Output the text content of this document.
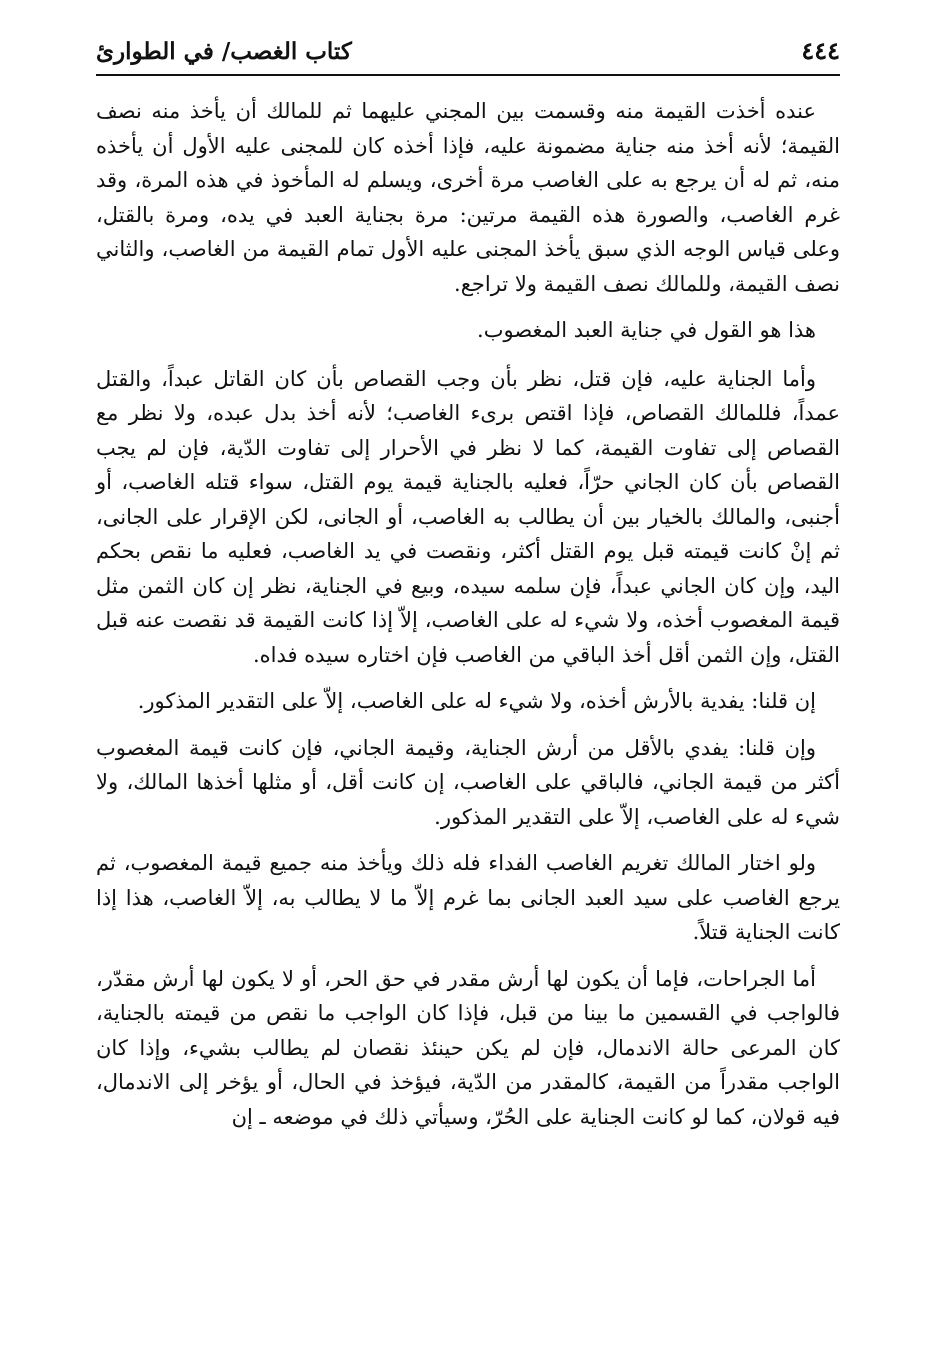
٤٤٤
كتاب الغصب/ في الطوارئ

عنده أخذت القيمة منه وقسمت بين المجني عليهما ثم للمالك أن يأخذ منه نصف القيمة؛ لأنه أخذ منه جناية مضمونة عليه، فإذا أخذه كان للمجنى عليه الأول أن يأخذه منه، ثم له أن يرجع به على الغاصب مرة أخرى، ويسلم له المأخوذ في هذه المرة، وقد غرم الغاصب، والصورة هذه القيمة مرتين: مرة بجناية العبد في يده، ومرة بالقتل، وعلى قياس الوجه الذي سبق يأخذ المجنى عليه الأول تمام القيمة من الغاصب، والثاني نصف القيمة، وللمالك نصف القيمة ولا تراجع.

هذا هو القول في جناية العبد المغصوب.

وأما الجناية عليه، فإن قتل، نظر بأن وجب القصاص بأن كان القاتل عبداً، والقتل عمداً، فللمالك القصاص، فإذا اقتص برىء الغاصب؛ لأنه أخذ بدل عبده، ولا نظر مع القصاص إلى تفاوت القيمة، كما لا نظر في الأحرار إلى تفاوت الدّية، فإن لم يجب القصاص بأن كان الجاني حرّاً، فعليه بالجناية قيمة يوم القتل، سواء قتله الغاصب، أو أجنبى، والمالك بالخيار بين أن يطالب به الغاصب، أو الجانى، لكن الإقرار على الجانى، ثم إنْ كانت قيمته قبل يوم القتل أكثر، ونقصت في يد الغاصب، فعليه ما نقص بحكم اليد، وإن كان الجاني عبداً، فإن سلمه سيده، وبيع في الجناية، نظر إن كان الثمن مثل قيمة المغصوب أخذه، ولا شيء له على الغاصب، إلاّ إذا كانت القيمة قد نقصت عنه قبل القتل، وإن الثمن أقل أخذ الباقي من الغاصب فإن اختاره سيده فداه.

إن قلنا: يفدية بالأرش أخذه، ولا شيء له على الغاصب، إلاّ على التقدير المذكور.

وإن قلنا: يفدي بالأقل من أرش الجناية، وقيمة الجاني، فإن كانت قيمة المغصوب أكثر من قيمة الجاني، فالباقي على الغاصب، إن كانت أقل، أو مثلها أخذها المالك، ولا شيء له على الغاصب، إلاّ على التقدير المذكور.

ولو اختار المالك تغريم الغاصب الفداء فله ذلك ويأخذ منه جميع قيمة المغصوب، ثم يرجع الغاصب على سيد العبد الجانى بما غرم إلاّ ما لا يطالب به، إلاّ الغاصب، هذا إذا كانت الجناية قتلاً.

أما الجراحات، فإما أن يكون لها أرش مقدر في حق الحر، أو لا يكون لها أرش مقدّر، فالواجب في القسمين ما بينا من قبل، فإذا كان الواجب ما نقص من قيمته بالجناية، كان المرعى حالة الاندمال، فإن لم يكن حينئذ نقصان لم يطالب بشيء، وإذا كان الواجب مقدراً من القيمة، كالمقدر من الدّية، فيؤخذ في الحال، أو يؤخر إلى الاندمال، فيه قولان، كما لو كانت الجناية على الحُرّ، وسيأتي ذلك في موضعه ـ إن
